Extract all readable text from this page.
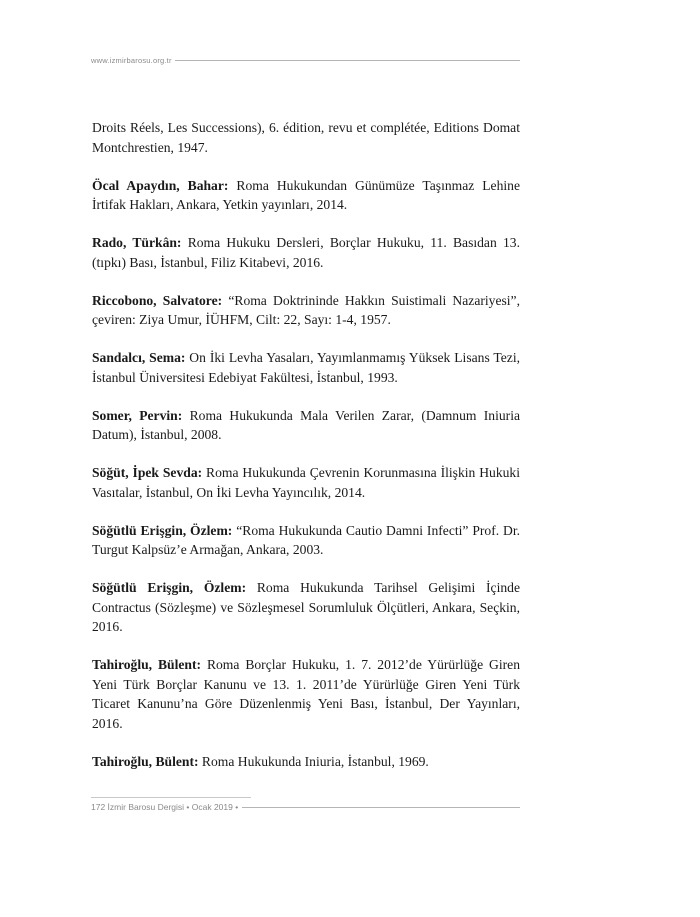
www.izmirbarosu.org.tr

Droits Réels, Les Successions), 6. édition, revu et complétée, Editions Domat Montchrestien, 1947.

Öcal Apaydın, Bahar: Roma Hukukundan Günümüze Taşınmaz Lehine İrtifak Hakları, Ankara, Yetkin yayınları, 2014.

Rado, Türkân: Roma Hukuku Dersleri, Borçlar Hukuku, 11. Basıdan 13. (tıpkı) Bası, İstanbul, Filiz Kitabevi, 2016.

Riccobono, Salvatore: “Roma Doktrininde Hakkın Suistimali Nazariyesi”, çeviren: Ziya Umur, İÜHFM, Cilt: 22, Sayı: 1-4, 1957.

Sandalcı, Sema: On İki Levha Yasaları, Yayımlanmamış Yüksek Lisans Tezi, İstanbul Üniversitesi Edebiyat Fakültesi, İstanbul, 1993.

Somer, Pervin: Roma Hukukunda Mala Verilen Zarar, (Damnum Iniuria Datum), İstanbul, 2008.

Söğüt, İpek Sevda: Roma Hukukunda Çevrenin Korunmasına İlişkin Hukuki Vasıtalar, İstanbul, On İki Levha Yayıncılık, 2014.

Söğütlü Erişgin, Özlem: “Roma Hukukunda Cautio Damni Infecti” Prof. Dr. Turgut Kalpsüz’e Armağan, Ankara, 2003.

Söğütlü Erişgin, Özlem: Roma Hukukunda Tarihsel Gelişimi İçinde Contractus (Sözleşme) ve Sözleşmesel Sorumluluk Ölçütleri, Ankara, Seçkin, 2016.

Tahiroğlu, Bülent: Roma Borçlar Hukuku, 1. 7. 2012’de Yürürlüğe Giren Yeni Türk Borçlar Kanunu ve 13. 1. 2011’de Yürürlüğe Giren Yeni Türk Ticaret Kanunu’na Göre Düzenlenmiş Yeni Bası, İstanbul, Der Yayınları, 2016.

Tahiroğlu, Bülent: Roma Hukukunda Iniuria, İstanbul, 1969.

172 İzmir Barosu Dergisi • Ocak 2019 •
